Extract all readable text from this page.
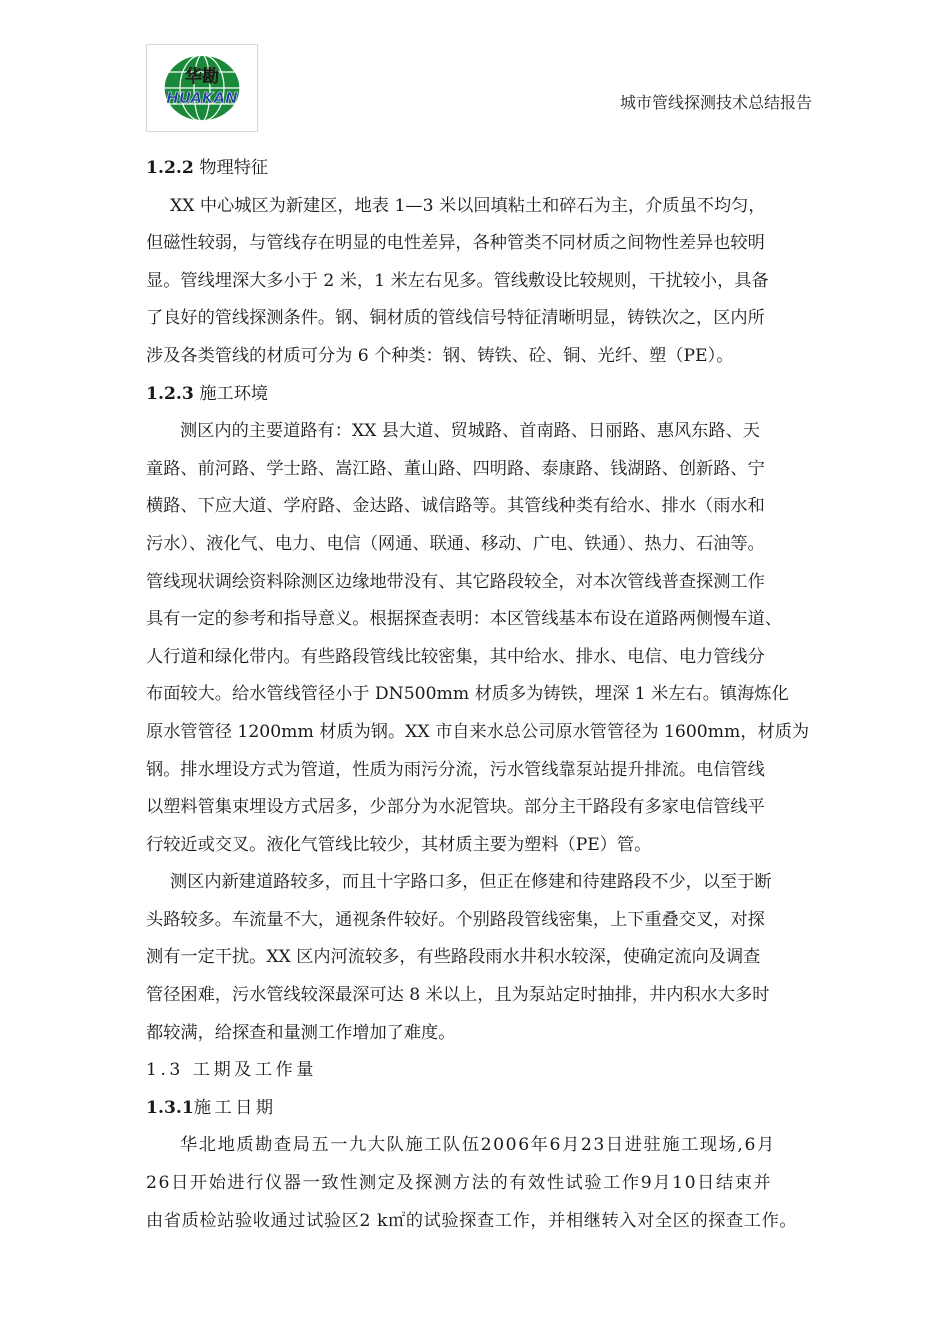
华勘
HUAKAN	城市管线探测技术总结报告
1.2.2 物理特征
XX 中心城区为新建区，地表 1—3 米以回填粘土和碎石为主，介质虽不均匀，
但磁性较弱，与管线存在明显的电性差异，各种管类不同材质之间物性差异也较明
显。管线埋深大多小于 2 米，1 米左右见多。管线敷设比较规则，干扰较小，具备
了良好的管线探测条件。钢、铜材质的管线信号特征清晰明显，铸铁次之，区内所
涉及各类管线的材质可分为 6 个种类：钢、铸铁、砼、铜、光纤、塑（PE）。
1.2.3 施工环境
测区内的主要道路有：XX 县大道、贸城路、首南路、日丽路、惠风东路、天
童路、前河路、学士路、嵩江路、董山路、四明路、泰康路、钱湖路、创新路、宁
横路、下应大道、学府路、金达路、诚信路等。其管线种类有给水、排水（雨水和
污水）、液化气、电力、电信（网通、联通、移动、广电、铁通）、热力、石油等。
管线现状调绘资料除测区边缘地带没有、其它路段较全，对本次管线普查探测工作
具有一定的参考和指导意义。根据探查表明：本区管线基本布设在道路两侧慢车道、
人行道和绿化带内。有些路段管线比较密集，其中给水、排水、电信、电力管线分
布面较大。给水管线管径小于 DN500mm 材质多为铸铁，埋深 1 米左右。镇海炼化
原水管管径 1200mm 材质为钢。XX 市自来水总公司原水管管径为 1600mm，材质为
钢。排水埋设方式为管道，性质为雨污分流，污水管线靠泵站提升排流。电信管线
以塑料管集束埋设方式居多，少部分为水泥管块。部分主干路段有多家电信管线平
行较近或交叉。液化气管线比较少，其材质主要为塑料（PE）管。
测区内新建道路较多，而且十字路口多，但正在修建和待建路段不少，以至于断
头路较多。车流量不大，通视条件较好。个别路段管线密集，上下重叠交叉，对探
测有一定干扰。XX 区内河流较多，有些路段雨水井积水较深，使确定流向及调查
管径困难，污水管线较深最深可达 8 米以上，且为泵站定时抽排，井内积水大多时
都较满，给探查和量测工作增加了难度。
1.3 工期及工作量
1.3.1施工日期
华北地质勘查局五一九大队施工队伍2006年6月23日进驻施工现场,6月
26日开始进行仪器一致性测定及探测方法的有效性试验工作9月10日结束并
由省质检站验收通过试验区2 k㎡的试验探查工作，并相继转入对全区的探查工作。
